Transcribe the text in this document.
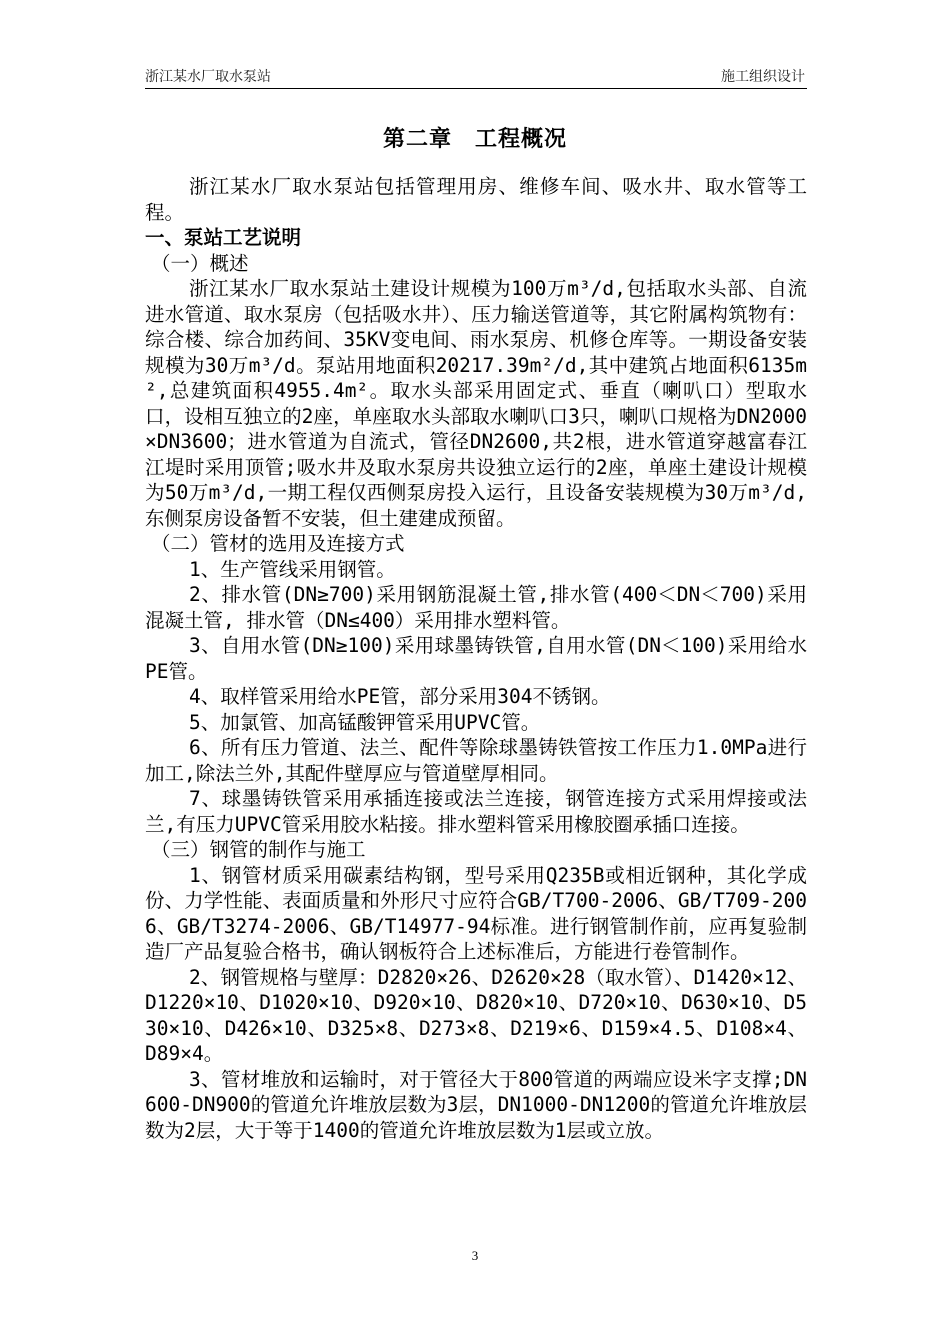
浙江某水厂取水泵站	施工组织设计
第二章　工程概况

浙江某水厂取水泵站包括管理用房、维修车间、吸水井、取水管等工程。

一、泵站工艺说明

（一）概述

浙江某水厂取水泵站土建设计规模为100万m³/d,包括取水头部、自流进水管道、取水泵房（包括吸水井）、压力输送管道等，其它附属构筑物有：综合楼、综合加药间、35KV变电间、雨水泵房、机修仓库等。一期设备安装规模为30万m³/d。泵站用地面积20217.39m²/d,其中建筑占地面积6135m²,总建筑面积4955.4m²。取水头部采用固定式、垂直（喇叭口）型取水口，设相互独立的2座，单座取水头部取水喇叭口3只，喇叭口规格为DN2000×DN3600；进水管道为自流式，管径DN2600,共2根，进水管道穿越富春江江堤时采用顶管;吸水井及取水泵房共设独立运行的2座，单座土建设计规模为50万m³/d,一期工程仅西侧泵房投入运行，且设备安装规模为30万m³/d,东侧泵房设备暂不安装，但土建建成预留。

（二）管材的选用及连接方式

1、生产管线采用钢管。

2、排水管(DN≥700)采用钢筋混凝土管,排水管(400＜DN＜700)采用混凝土管, 排水管（DN≤400）采用排水塑料管。

3、自用水管(DN≥100)采用球墨铸铁管,自用水管(DN＜100)采用给水PE管。

4、取样管采用给水PE管，部分采用304不锈钢。

5、加氯管、加高锰酸钾管采用UPVC管。

6、所有压力管道、法兰、配件等除球墨铸铁管按工作压力1.0MPa进行加工,除法兰外,其配件壁厚应与管道壁厚相同。

7、球墨铸铁管采用承插连接或法兰连接，钢管连接方式采用焊接或法兰,有压力UPVC管采用胶水粘接。排水塑料管采用橡胶圈承插口连接。

（三）钢管的制作与施工

1、钢管材质采用碳素结构钢，型号采用Q235B或相近钢种，其化学成份、力学性能、表面质量和外形尺寸应符合GB/T700-2006、GB/T709-2006、GB/T3274-2006、GB/T14977-94标准。进行钢管制作前，应再复验制造厂产品复验合格书，确认钢板符合上述标准后，方能进行卷管制作。

2、钢管规格与壁厚：D2820×26、D2620×28（取水管）、D1420×12、D1220×10、D1020×10、D920×10、D820×10、D720×10、D630×10、D530×10、D426×10、D325×8、D273×8、D219×6、D159×4.5、D108×4、D89×4。

3、管材堆放和运输时，对于管径大于800管道的两端应设米字支撑;DN600-DN900的管道允许堆放层数为3层，DN1000-DN1200的管道允许堆放层数为2层，大于等于1400的管道允许堆放层数为1层或立放。

3
